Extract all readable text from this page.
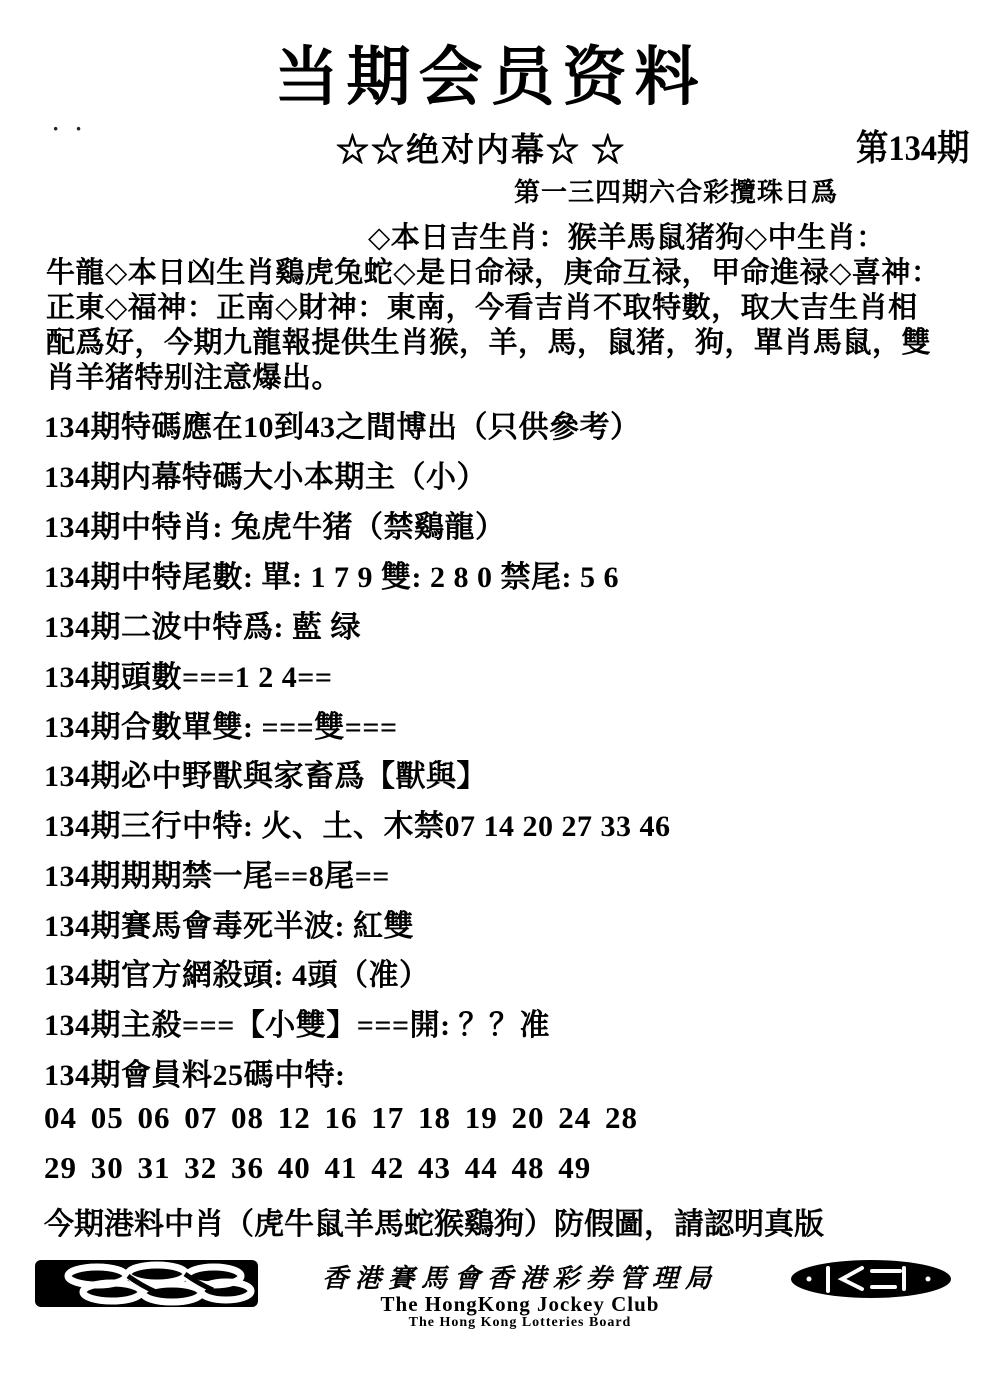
当期会员资料
· ·
☆☆绝对内幕☆ ☆	第134期
第一三四期六合彩攬珠日爲
◇本日吉生肖：猴羊馬鼠猪狗◇中生肖：
牛龍◇本日凶生肖鷄虎兔蛇◇是日命禄，庚命互禄，甲命進禄◇喜神：
正東◇福神：正南◇財神：東南，今看吉肖不取特數，取大吉生肖相
配爲好，今期九龍報提供生肖猴，羊，馬，鼠猪，狗，單肖馬鼠，雙
肖羊猪特别注意爆出。
134期特碼應在10到43之間博出（只供參考）
134期内幕特碼大小本期主（小）
134期中特肖: 兔虎牛猪（禁鷄龍）
134期中特尾數: 單: 1 7 9 雙: 2 8 0 禁尾: 5 6
134期二波中特爲: 藍 绿
134期頭數===1 2 4==
134期合數單雙: ===雙===
134期必中野獸與家畜爲【獸與】
134期三行中特: 火、土、木禁07 14 20 27 33 46
134期期期禁一尾==8尾==
134期賽馬會毒死半波: 紅雙
134期官方網殺頭: 4頭（准）
134期主殺===【小雙】===開: ？？准
134期會員料25碼中特:
04 05 06 07 08 12 16 17 18 19 20 24 28
29 30 31 32 36 40 41 42 43 44 48 49
今期港料中肖（虎牛鼠羊馬蛇猴鷄狗）防假圖，請認明真版
香港賽馬會香港彩券管理局
The HongKong Jockey Club
The Hong Kong Lotteries Board
